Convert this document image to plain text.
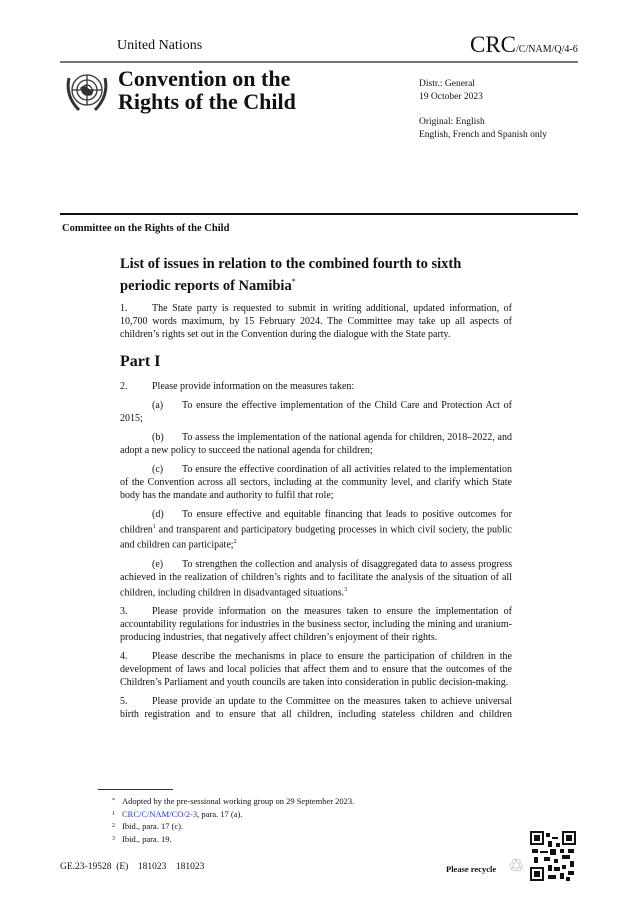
United Nations	CRC/C/NAM/Q/4-6
Convention on the
Rights of the Child
Distr.: General
19 October 2023
Original: English
English, French and Spanish only
Committee on the Rights of the Child
List of issues in relation to the combined fourth to sixth
periodic reports of Namibia*

1. The State party is requested to submit in writing additional, updated information, of 10,700 words maximum, by 15 February 2024. The Committee may take up all aspects of children’s rights set out in the Convention during the dialogue with the State party.

Part I

2. Please provide information on the measures taken:

(a) To ensure the effective implementation of the Child Care and Protection Act of 2015;

(b) To assess the implementation of the national agenda for children, 2018–2022, and adopt a new policy to succeed the national agenda for children;

(c) To ensure the effective coordination of all activities related to the implementation of the Convention across all sectors, including at the community level, and clarify which State body has the mandate and authority to fulfil that role;

(d) To ensure effective and equitable financing that leads to positive outcomes for children$^1$ and transparent and participatory budgeting processes in which civil society, the public and children can participate;$^2$

(e) To strengthen the collection and analysis of disaggregated data to assess progress achieved in the realization of children’s rights and to facilitate the analysis of the situation of all children, including children in disadvantaged situations.$^3$

3. Please provide information on the measures taken to ensure the implementation of accountability regulations for industries in the business sector, including the mining and uranium-producing industries, that negatively affect children’s enjoyment of their rights.

4. Please describe the mechanisms in place to ensure the participation of children in the development of laws and local policies that affect them and to ensure that the outcomes of the Children’s Parliament and youth councils are taken into consideration in public decision-making.

5. Please provide an update to the Committee on the measures taken to achieve universal birth registration and to ensure that all children, including stateless children and children

* Adopted by the pre-sessional working group on 29 September 2023.
1 CRC/C/NAM/CO/2-3, para. 17 (a).
2 Ibid., para. 17 (c).
3 Ibid., para. 19.
GE.23-19528  (E)    181023    181023	Please recycle ♲
